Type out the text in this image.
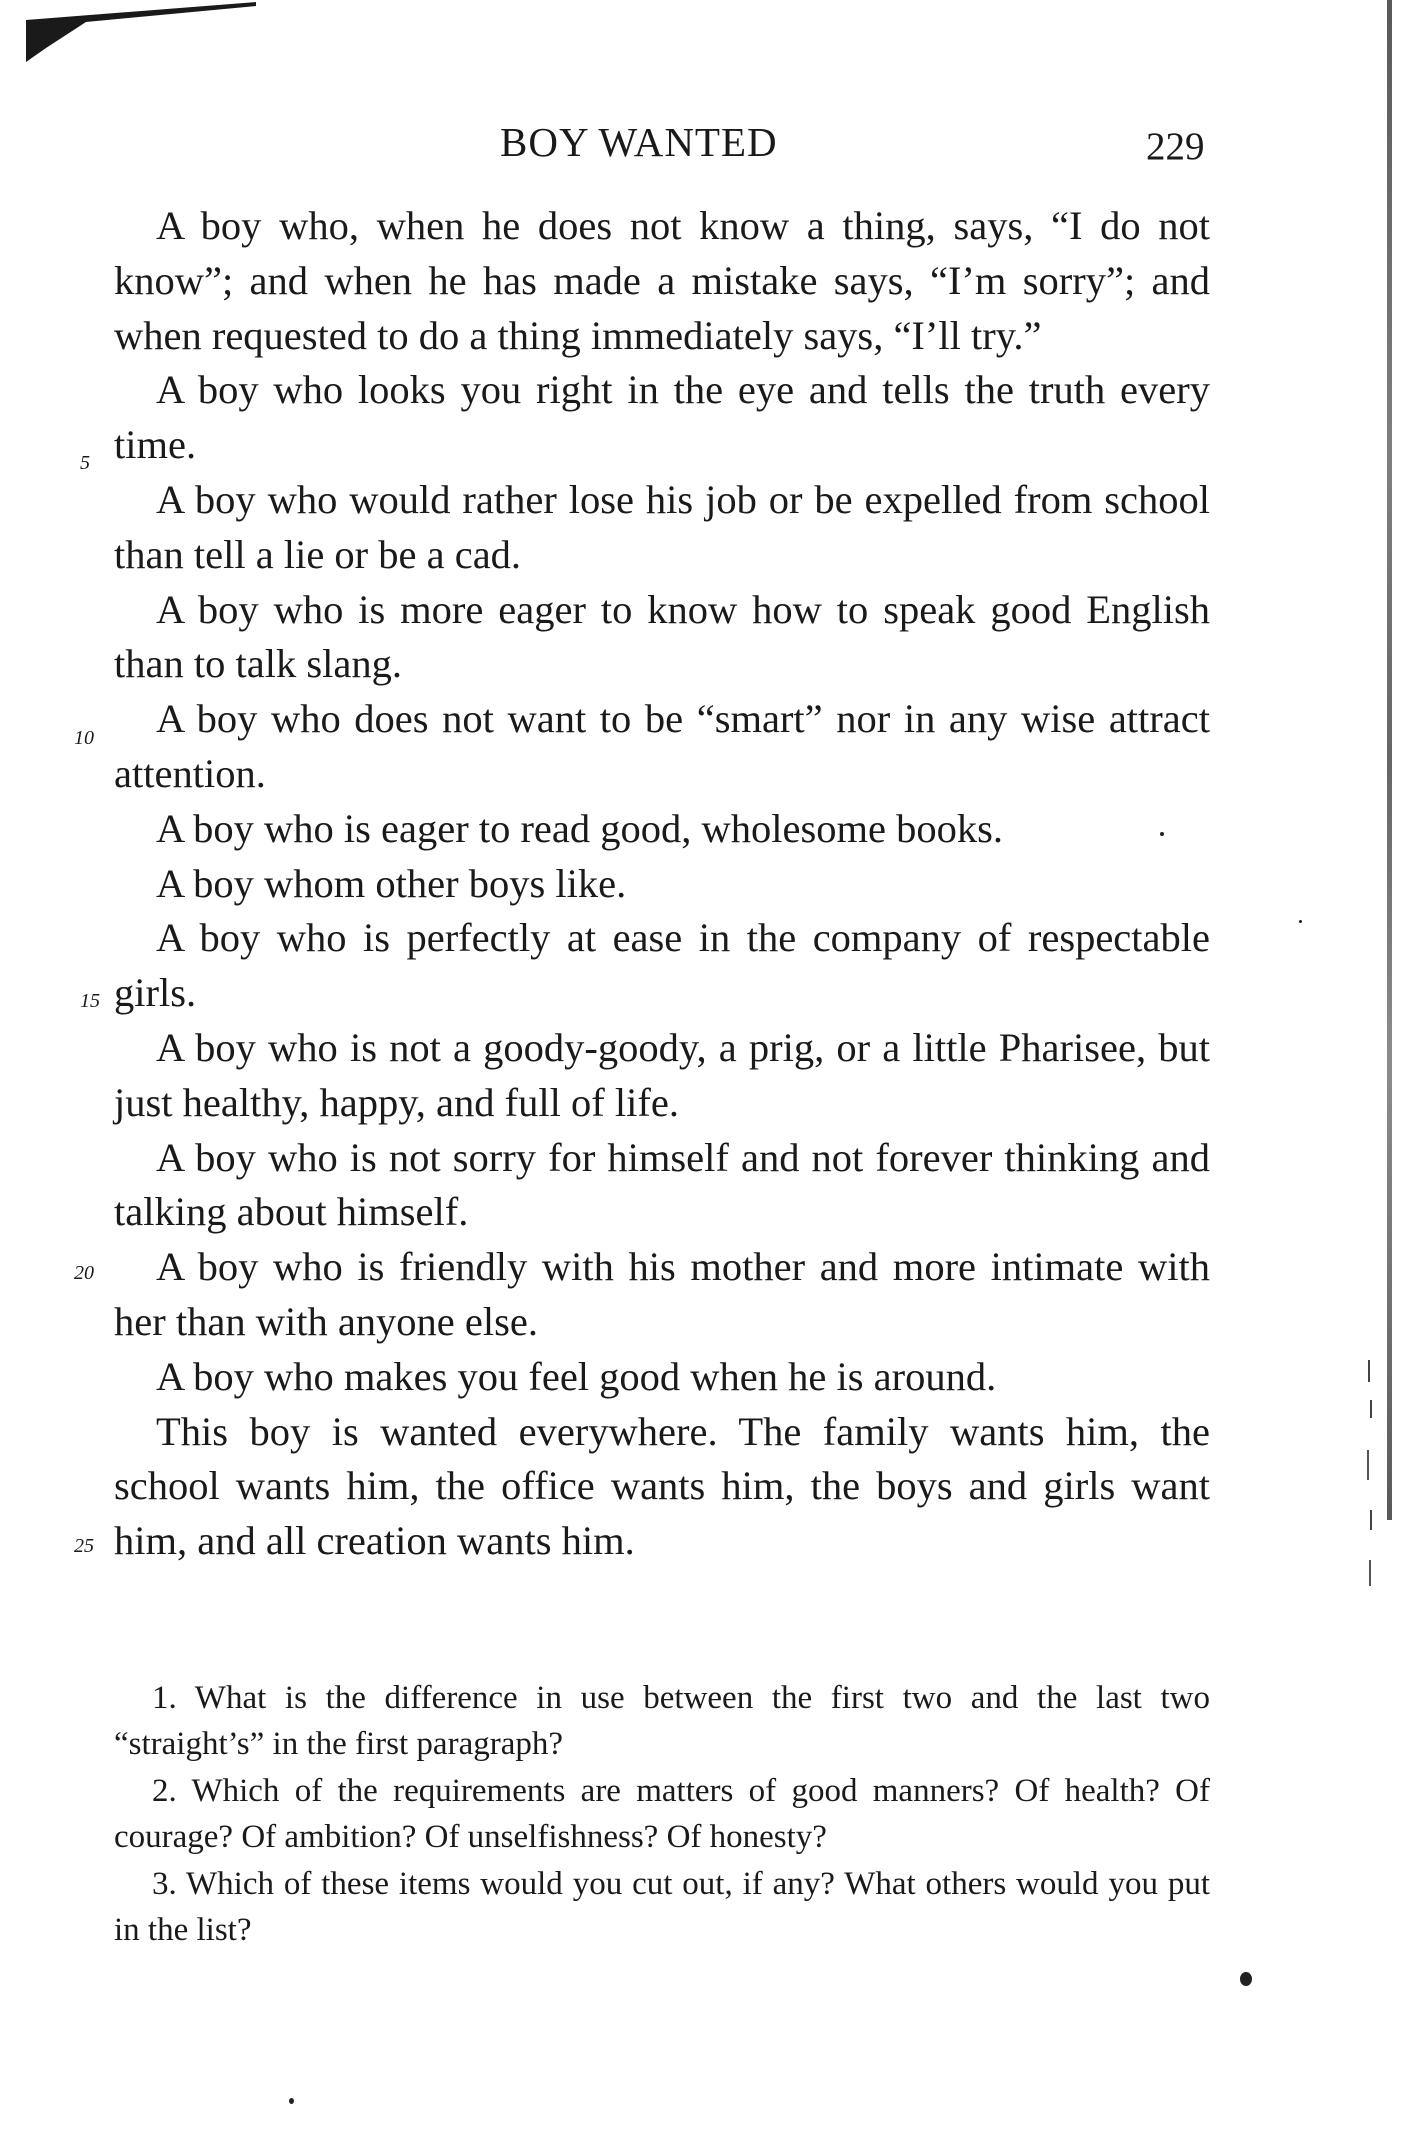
BOY WANTED	229
5
10
15
20
25

A boy who, when he does not know a thing, says, “I do not know”; and when he has made a mistake says, “I’m sorry”; and when requested to do a thing immediately says, “I’ll try.”

A boy who looks you right in the eye and tells the truth every time.

A boy who would rather lose his job or be expelled from school than tell a lie or be a cad.

A boy who is more eager to know how to speak good English than to talk slang.

A boy who does not want to be “smart” nor in any wise attract attention.

A boy who is eager to read good, wholesome books.

A boy whom other boys like.

A boy who is perfectly at ease in the company of respectable girls.

A boy who is not a goody-goody, a prig, or a little Pharisee, but just healthy, happy, and full of life.

A boy who is not sorry for himself and not forever thinking and talking about himself.

A boy who is friendly with his mother and more intimate with her than with anyone else.

A boy who makes you feel good when he is around.

This boy is wanted everywhere. The family wants him, the school wants him, the office wants him, the boys and girls want him, and all creation wants him.

1. What is the difference in use between the first two and the last two “straight’s” in the first paragraph?

2. Which of the requirements are matters of good manners? Of health? Of courage? Of ambition? Of unselfishness? Of honesty?

3. Which of these items would you cut out, if any? What others would you put in the list?
